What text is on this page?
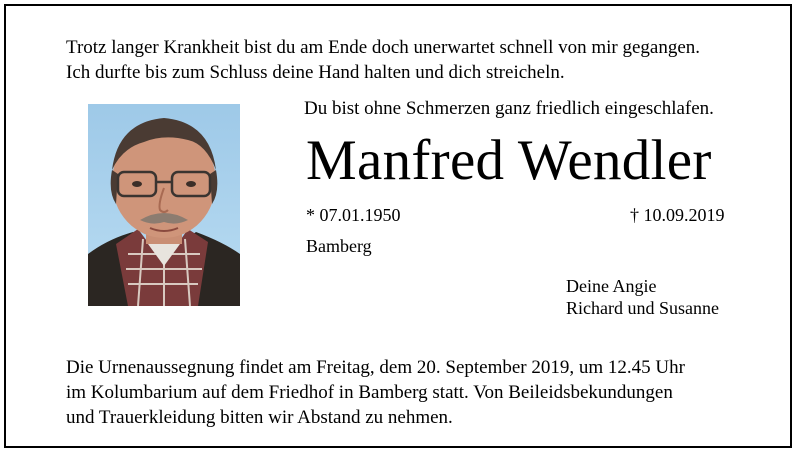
Trotz langer Krankheit bist du am Ende doch unerwartet schnell von mir gegangen.
Ich durfte bis zum Schluss deine Hand halten und dich streicheln.
Du bist ohne Schmerzen ganz friedlich eingeschlafen.
Manfred Wendler
* 07.01.1950	† 10.09.2019
Bamberg
Deine Angie
Richard und Susanne
Die Urnenaussegnung findet am Freitag, dem 20. September 2019, um 12.45 Uhr
im Kolumbarium auf dem Friedhof in Bamberg statt. Von Beileidsbekundungen
und Trauerkleidung bitten wir Abstand zu nehmen.
